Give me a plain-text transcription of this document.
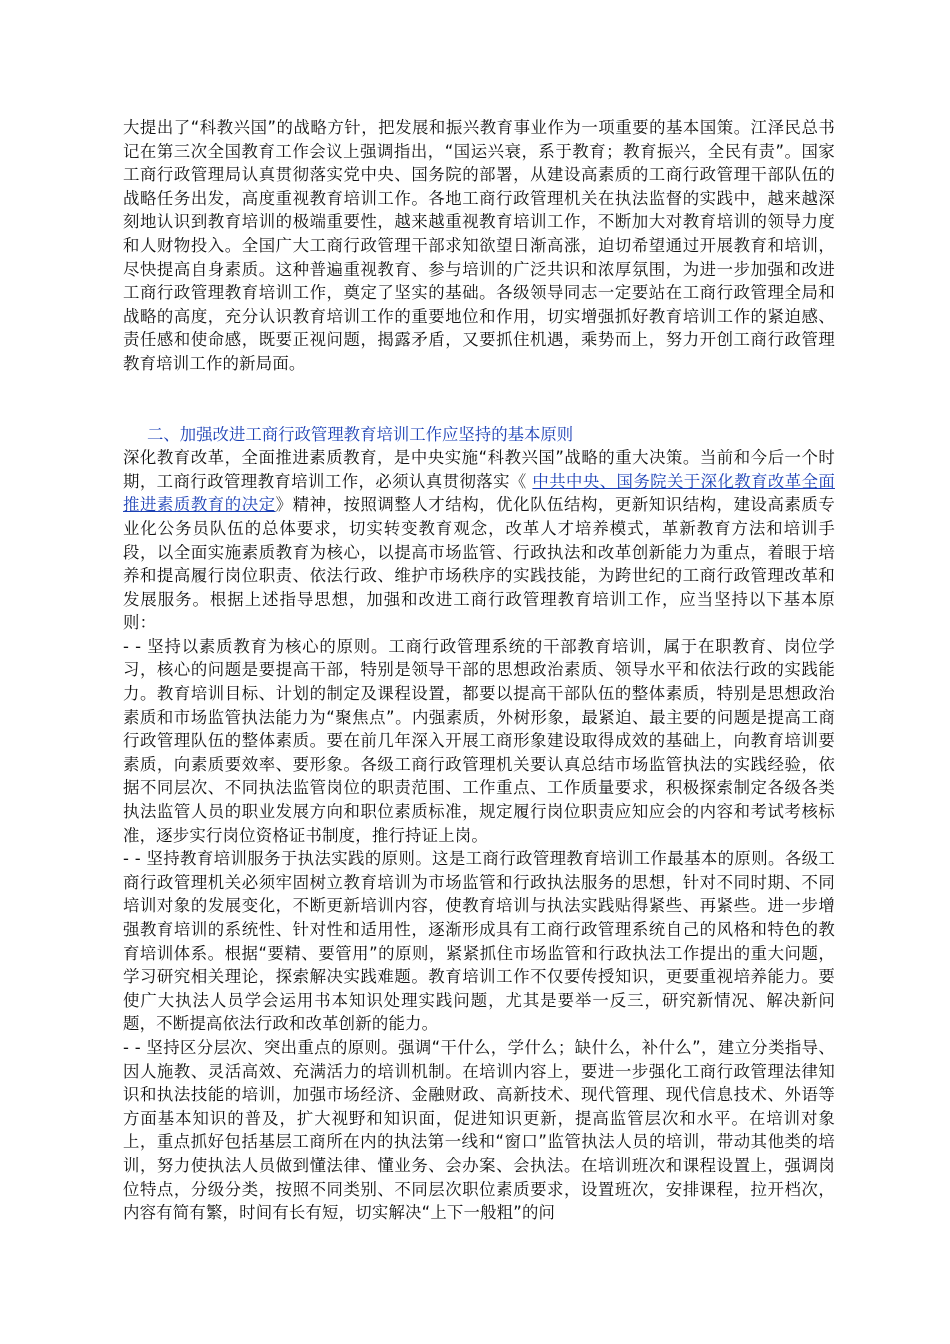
大提出了“科教兴国”的战略方针，把发展和振兴教育事业作为一项重要的基本国策。江泽民总书记在第三次全国教育工作会议上强调指出，“国运兴衰，系于教育；教育振兴，全民有责”。国家工商行政管理局认真贯彻落实党中央、国务院的部署，从建设高素质的工商行政管理干部队伍的战略任务出发，高度重视教育培训工作。各地工商行政管理机关在执法监督的实践中，越来越深刻地认识到教育培训的极端重要性，越来越重视教育培训工作，不断加大对教育培训的领导力度和人财物投入。全国广大工商行政管理干部求知欲望日渐高涨，迫切希望通过开展教育和培训，尽快提高自身素质。这种普遍重视教育、参与培训的广泛共识和浓厚氛围，为进一步加强和改进工商行政管理教育培训工作，奠定了坚实的基础。各级领导同志一定要站在工商行政管理全局和战略的高度，充分认识教育培训工作的重要地位和作用，切实增强抓好教育培训工作的紧迫感、责任感和使命感，既要正视问题，揭露矛盾，又要抓住机遇，乘势而上，努力开创工商行政管理教育培训工作的新局面。

二、加强改进工商行政管理教育培训工作应坚持的基本原则

深化教育改革，全面推进素质教育，是中央实施“科教兴国”战略的重大决策。当前和今后一个时期，工商行政管理教育培训工作，必须认真贯彻落实《 中共中央、国务院关于深化教育改革全面推进素质教育的决定》精神，按照调整人才结构，优化队伍结构，更新知识结构，建设高素质专业化公务员队伍的总体要求，切实转变教育观念，改革人才培养模式，革新教育方法和培训手段，以全面实施素质教育为核心，以提高市场监管、行政执法和改革创新能力为重点，着眼于培养和提高履行岗位职责、依法行政、维护市场秩序的实践技能，为跨世纪的工商行政管理改革和发展服务。根据上述指导思想，加强和改进工商行政管理教育培训工作，应当坚持以下基本原则：

- - 坚持以素质教育为核心的原则。工商行政管理系统的干部教育培训，属于在职教育、岗位学习，核心的问题是要提高干部，特别是领导干部的思想政治素质、领导水平和依法行政的实践能力。教育培训目标、计划的制定及课程设置，都要以提高干部队伍的整体素质，特别是思想政治素质和市场监管执法能力为“聚焦点”。内强素质，外树形象，最紧迫、最主要的问题是提高工商行政管理队伍的整体素质。要在前几年深入开展工商形象建设取得成效的基础上，向教育培训要素质，向素质要效率、要形象。各级工商行政管理机关要认真总结市场监管执法的实践经验，依据不同层次、不同执法监管岗位的职责范围、工作重点、工作质量要求，积极探索制定各级各类执法监管人员的职业发展方向和职位素质标准，规定履行岗位职责应知应会的内容和考试考核标准，逐步实行岗位资格证书制度，推行持证上岗。

- - 坚持教育培训服务于执法实践的原则。这是工商行政管理教育培训工作最基本的原则。各级工商行政管理机关必须牢固树立教育培训为市场监管和行政执法服务的思想，针对不同时期、不同培训对象的发展变化，不断更新培训内容，使教育培训与执法实践贴得紧些、再紧些。进一步增强教育培训的系统性、针对性和适用性，逐渐形成具有工商行政管理系统自己的风格和特色的教育培训体系。根据“要精、要管用”的原则，紧紧抓住市场监管和行政执法工作提出的重大问题，学习研究相关理论，探索解决实践难题。教育培训工作不仅要传授知识，更要重视培养能力。要使广大执法人员学会运用书本知识处理实践问题，尤其是要举一反三，研究新情况、解决新问题，不断提高依法行政和改革创新的能力。

- - 坚持区分层次、突出重点的原则。强调“干什么，学什么；缺什么，补什么”，建立分类指导、因人施教、灵活高效、充满活力的培训机制。在培训内容上，要进一步强化工商行政管理法律知识和执法技能的培训，加强市场经济、金融财政、高新技术、现代管理、现代信息技术、外语等方面基本知识的普及，扩大视野和知识面，促进知识更新，提高监管层次和水平。在培训对象上，重点抓好包括基层工商所在内的执法第一线和“窗口”监管执法人员的培训，带动其他类的培训，努力使执法人员做到懂法律、懂业务、会办案、会执法。在培训班次和课程设置上，强调岗位特点，分级分类，按照不同类别、不同层次职位素质要求，设置班次，安排课程，拉开档次，内容有简有繁，时间有长有短，切实解决“上下一般粗”的问
